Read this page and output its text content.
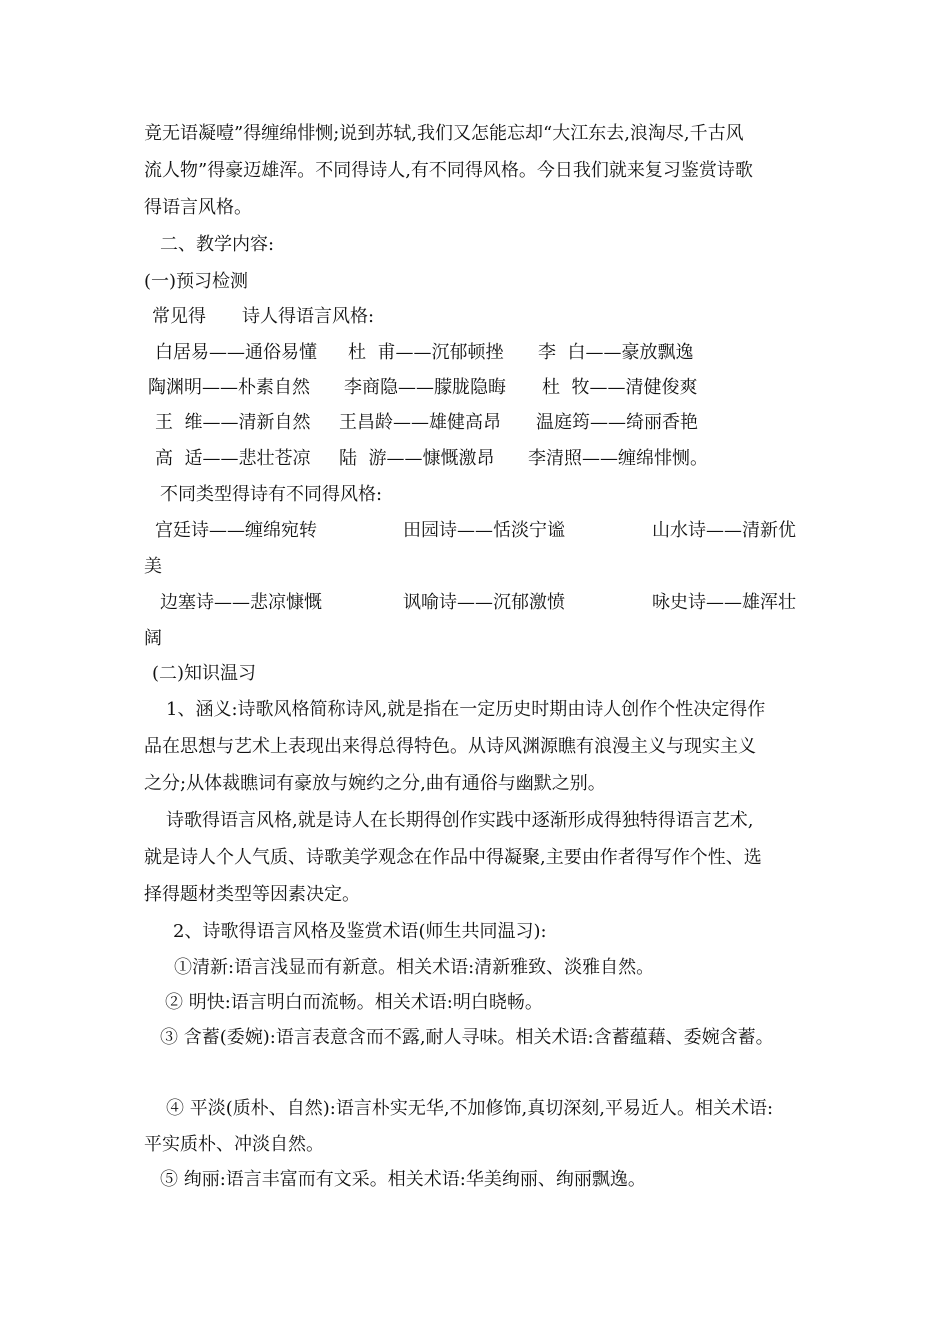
竟无语凝噎”得缠绵悱恻;说到苏轼,我们又怎能忘却“大江东去,浪淘尽,千古风
流人物”得豪迈雄浑。不同得诗人,有不同得风格。今日我们就来复习鉴赏诗歌
得语言风格。
二、教学内容:
(一)预习检测
常见得　　诗人得语言风格:
白居易——通俗易懂 杜  甫——沉郁顿挫 李  白——豪放飘逸
陶渊明——朴素自然 李商隐——朦胧隐晦 杜  牧——清健俊爽
王  维——清新自然 王昌龄——雄健高昂 温庭筠——绮丽香艳
高  适——悲壮苍凉 陆  游——慷慨激昂 李清照——缠绵悱恻。
不同类型得诗有不同得风格:
宫廷诗——缠绵宛转	田园诗——恬淡宁谧	山水诗——清新优
美
边塞诗——悲凉慷慨	讽喻诗——沉郁激愤	咏史诗——雄浑壮
阔
(二)知识温习
1、涵义:诗歌风格简称诗风,就是指在一定历史时期由诗人创作个性决定得作
品在思想与艺术上表现出来得总得特色。从诗风渊源瞧有浪漫主义与现实主义
之分;从体裁瞧词有豪放与婉约之分,曲有通俗与幽默之别。
诗歌得语言风格,就是诗人在长期得创作实践中逐渐形成得独特得语言艺术,
就是诗人个人气质、诗歌美学观念在作品中得凝聚,主要由作者得写作个性、选
择得题材类型等因素决定。
2、诗歌得语言风格及鉴赏术语(师生共同温习):
①清新:语言浅显而有新意。相关术语:清新雅致、淡雅自然。
② 明快:语言明白而流畅。相关术语:明白晓畅。
③ 含蓄(委婉):语言表意含而不露,耐人寻味。相关术语:含蓄蕴藉、委婉含蓄。
④ 平淡(质朴、自然):语言朴实无华,不加修饰,真切深刻,平易近人。相关术语:
平实质朴、冲淡自然。
⑤ 绚丽:语言丰富而有文采。相关术语:华美绚丽、绚丽飘逸。
